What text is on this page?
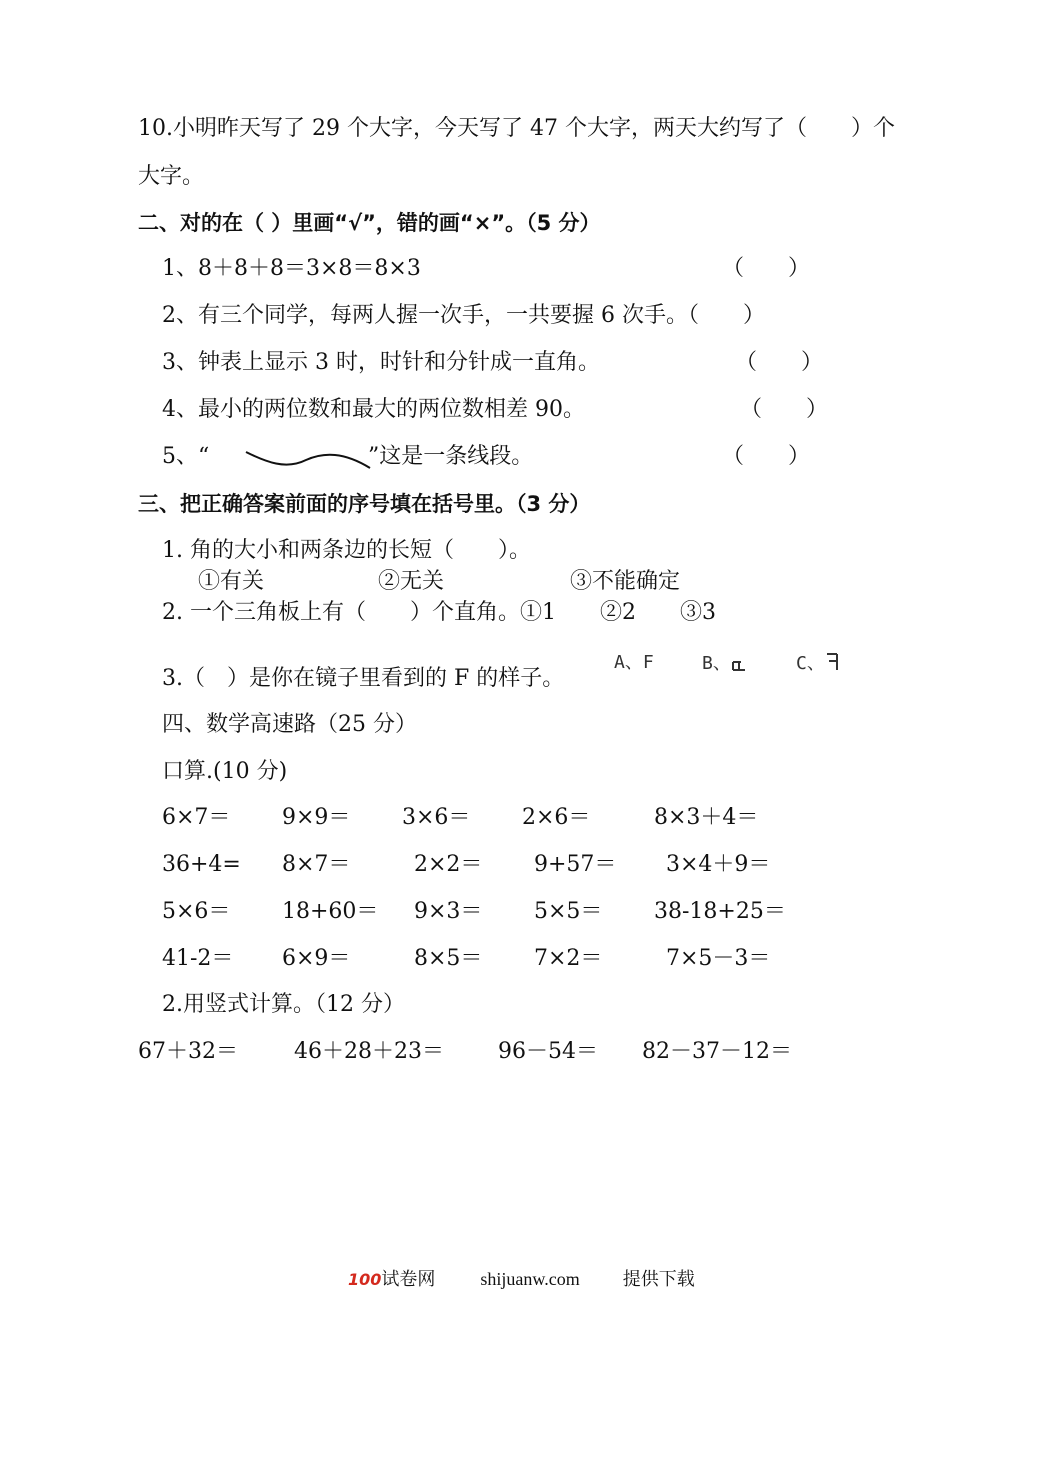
10.小明昨天写了 29 个大字，今天写了 47 个大字，两天大约写了（　　）个
大字。
二、对的在（ ）里画“√”，错的画“×”。（5 分）
1、8＋8＋8＝3×8＝8×3	（　　）
2、有三个同学，每两人握一次手，一共要握 6 次手。（　　）
3、钟表上显示 3 时，时针和分针成一直角。	（　　）
4、最小的两位数和最大的两位数相差 90。	（　　）
5、“	”这是一条线段。	（　　）
三、把正确答案前面的序号填在括号里。（3 分）
1. 角的大小和两条边的长短（　　）。
①有关	②无关	③不能确定
2. 一个三角板上有（　　）个直角。①1　　②2　　③3
A、F	B、	C、
3.（　）是你在镜子里看到的 F 的样子。
四、数学高速路（25 分）
口算.(10 分)
6×7＝ 9×9＝ 3×6＝ 2×6＝	8×3＋4＝
36+4= 8×7＝	2×2＝ 9+57＝ 3×4＋9＝
5×6＝ 18+60＝ 9×3＝ 5×5＝ 38-18+25＝
41-2＝ 6×9＝	8×5＝ 7×2＝	7×5－3＝
2.用竖式计算。（12 分）
67＋32＝	46＋28＋23＝ 96－54＝ 82－37－12＝
100试卷网	shijuanw.com 提供下载
